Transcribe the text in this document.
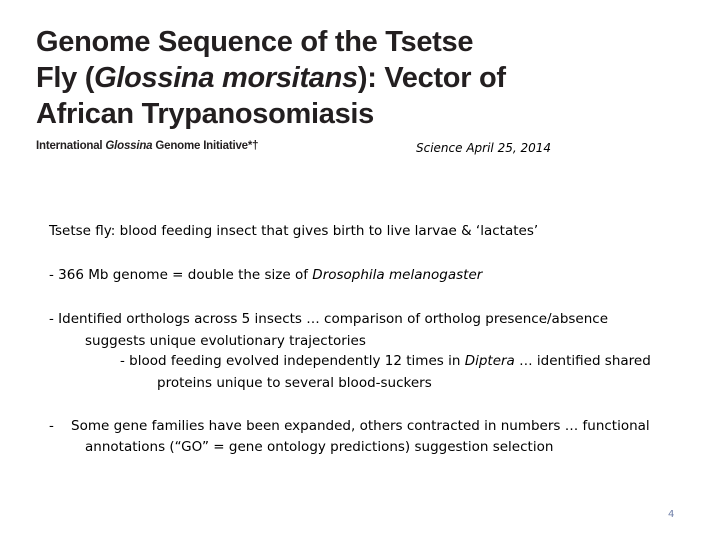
Genome Sequence of the Tsetse
Fly (Glossina morsitans): Vector of
African Trypanosomiasis
International Glossina Genome Initiative*†	Science April 25, 2014
Tsetse fly: blood feeding insect that gives birth to live larvae & ‘lactates’
- 366 Mb genome = double the size of Drosophila melanogaster
- Identified orthologs across 5 insects … comparison of ortholog presence/absence
suggests unique evolutionary trajectories
- blood feeding evolved independently 12 times in Diptera … identified shared
proteins unique to several blood-suckers
- Some gene families have been expanded, others contracted in numbers … functional
annotations (“GO” = gene ontology predictions) suggestion selection
4
